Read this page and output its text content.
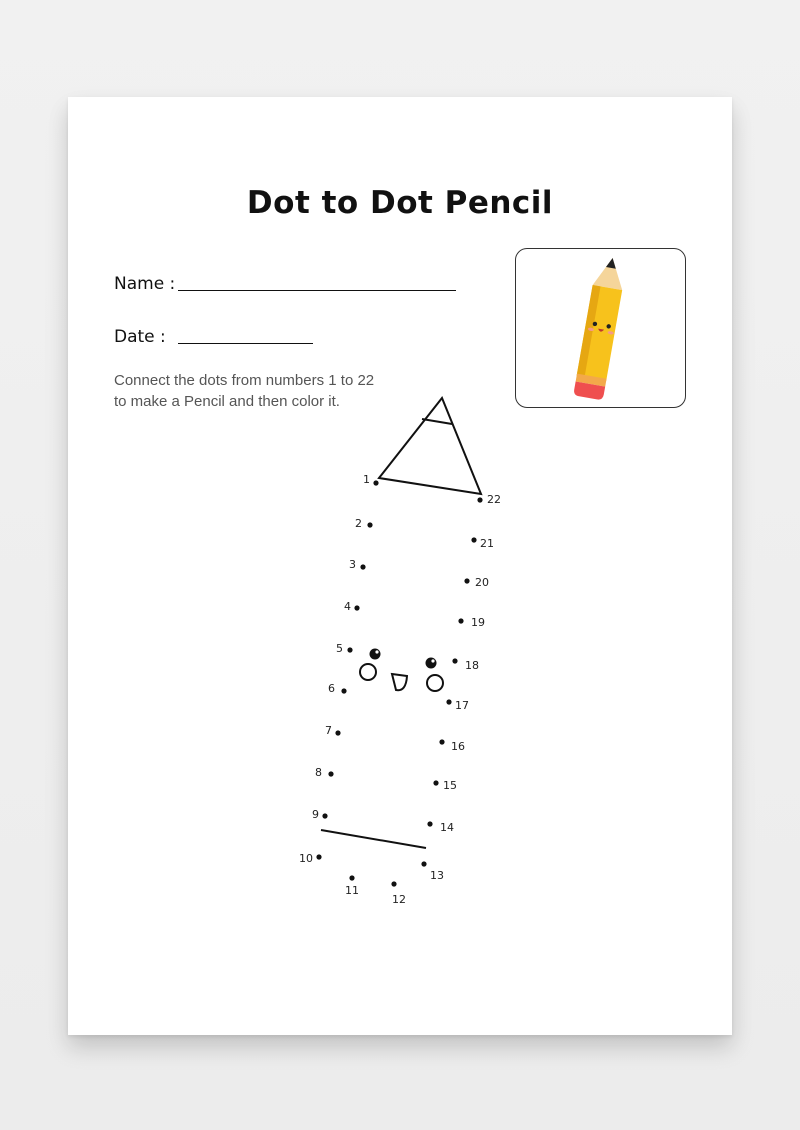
Dot to Dot Pencil
Name :
Date :
Connect the dots from numbers 1 to 22
to make a Pencil and then color it.
1
2
3
4
5
6
7
8
9
10
11
12
13
14
15
16
17
18
19
20
21
22
